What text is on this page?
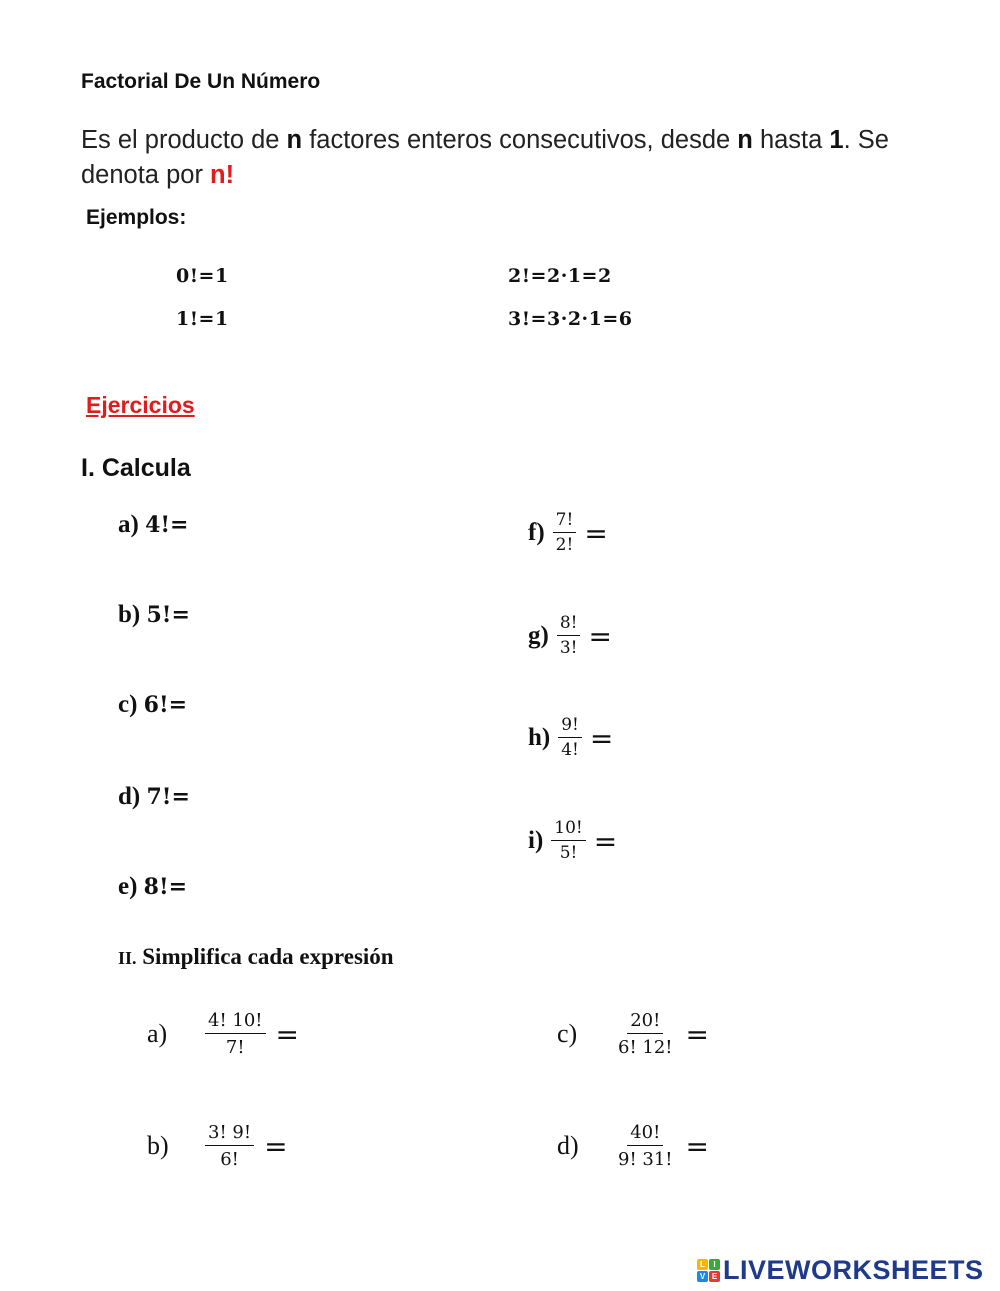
Factorial De Un Número
Es el producto de n factores enteros consecutivos, desde n hasta 1. Se denota por n!
Ejemplos:
0!=1
1!=1
2!=2·1=2
3!=3·2·1=6
Ejercicios
I. Calcula
a) 4!=
b) 5!=
c) 6!=
d) 7!=
e) 8!=
$f) \frac{7!}{2!}$ =
$g) \frac{8!}{3!}$ =
$h) \frac{9!}{4!}$ =
$i) \frac{10!}{5!}$ =
II. Simplifica cada expresión
a)	$\frac{4! 10!}{7!}$ =
b)	$\frac{3! 9!}{6!}$ =
c)	$\frac{20!}{6! 12!}$ =
d)	$\frac{40!}{9! 31!}$ =
L	I
V E LIVEWORKSHEETS
